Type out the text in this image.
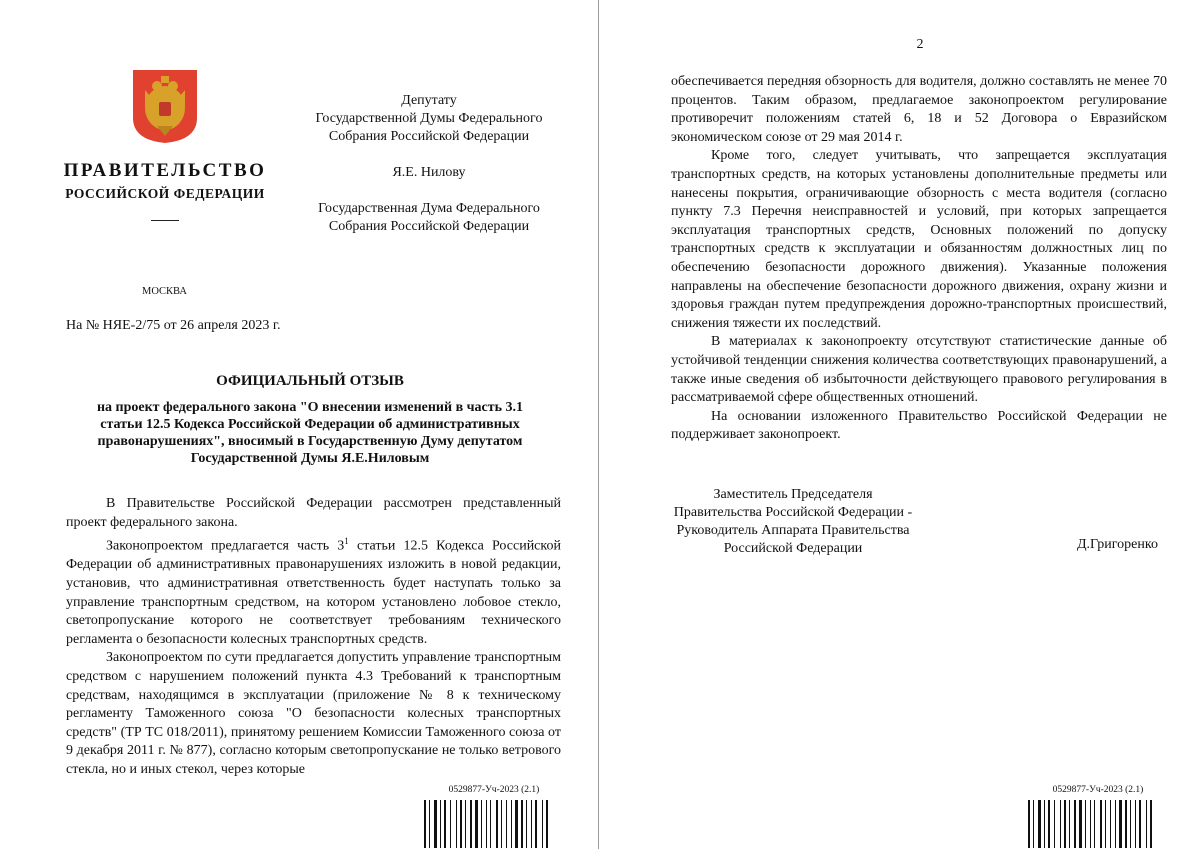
ПРАВИТЕЛЬСТВО
РОССИЙСКОЙ ФЕДЕРАЦИИ

Депутату

Государственной Думы Федерального

Собрания Российской Федерации

Я.Е. Нилову

Государственная Дума Федерального

Собрания Российской Федерации

МОСКВА
На № НЯЕ-2/75 от 26 апреля 2023 г.
ОФИЦИАЛЬНЫЙ ОТЗЫВ
на проект федерального закона "О внесении изменений в часть 3.1 статьи 12.5 Кодекса Российской Федерации об административных правонарушениях", вносимый в Государственную Думу депутатом Государственной Думы Я.Е.Ниловым

В Правительстве Российской Федерации рассмотрен представленный проект федерального закона.

Законопроектом предлагается часть $3^1$ статьи 12.5 Кодекса Российской Федерации об административных правонарушениях изложить в новой редакции, установив, что административная ответственность будет наступать только за управление транспортным средством, на котором установлено лобовое стекло, светопропускание которого не соответствует требованиям технического регламента о безопасности колесных транспортных средств.

Законопроектом по сути предлагается допустить управление транспортным средством с нарушением положений пункта 4.3 Требований к транспортным средствам, находящимся в эксплуатации (приложение № 8 к техническому регламенту Таможенного союза "О безопасности колесных транспортных средств" (ТР ТС 018/2011), принятому решением Комиссии Таможенного союза от 9 декабря 2011 г. № 877), согласно которым светопропускание не только ветрового стекла, но и иных стекол, через которые

0529877-Уч-2023 (2.1)
2

обеспечивается передняя обзорность для водителя, должно составлять не менее 70 процентов. Таким образом, предлагаемое законопроектом регулирование противоречит положениям статей 6, 18 и 52 Договора о Евразийском экономическом союзе от 29 мая 2014 г.

Кроме того, следует учитывать, что запрещается эксплуатация транспортных средств, на которых установлены дополнительные предметы или нанесены покрытия, ограничивающие обзорность с места водителя (согласно пункту 7.3 Перечня неисправностей и условий, при которых запрещается эксплуатация транспортных средств, Основных положений по допуску транспортных средств к эксплуатации и обязанностям должностных лиц по обеспечению безопасности дорожного движения). Указанные положения направлены на обеспечение безопасности дорожного движения, охрану жизни и здоровья граждан путем предупреждения дорожно-транспортных происшествий, снижения тяжести их последствий.

В материалах к законопроекту отсутствуют статистические данные об устойчивой тенденции снижения количества соответствующих правонарушений, а также иные сведения об избыточности действующего правового регулирования в рассматриваемой сфере общественных отношений.

На основании изложенного Правительство Российской Федерации не поддерживает законопроект.

Заместитель Председателя

Правительства Российской Федерации -

Руководитель Аппарата Правительства

Российской Федерации	Д.Григоренко
0529877-Уч-2023 (2.1)
